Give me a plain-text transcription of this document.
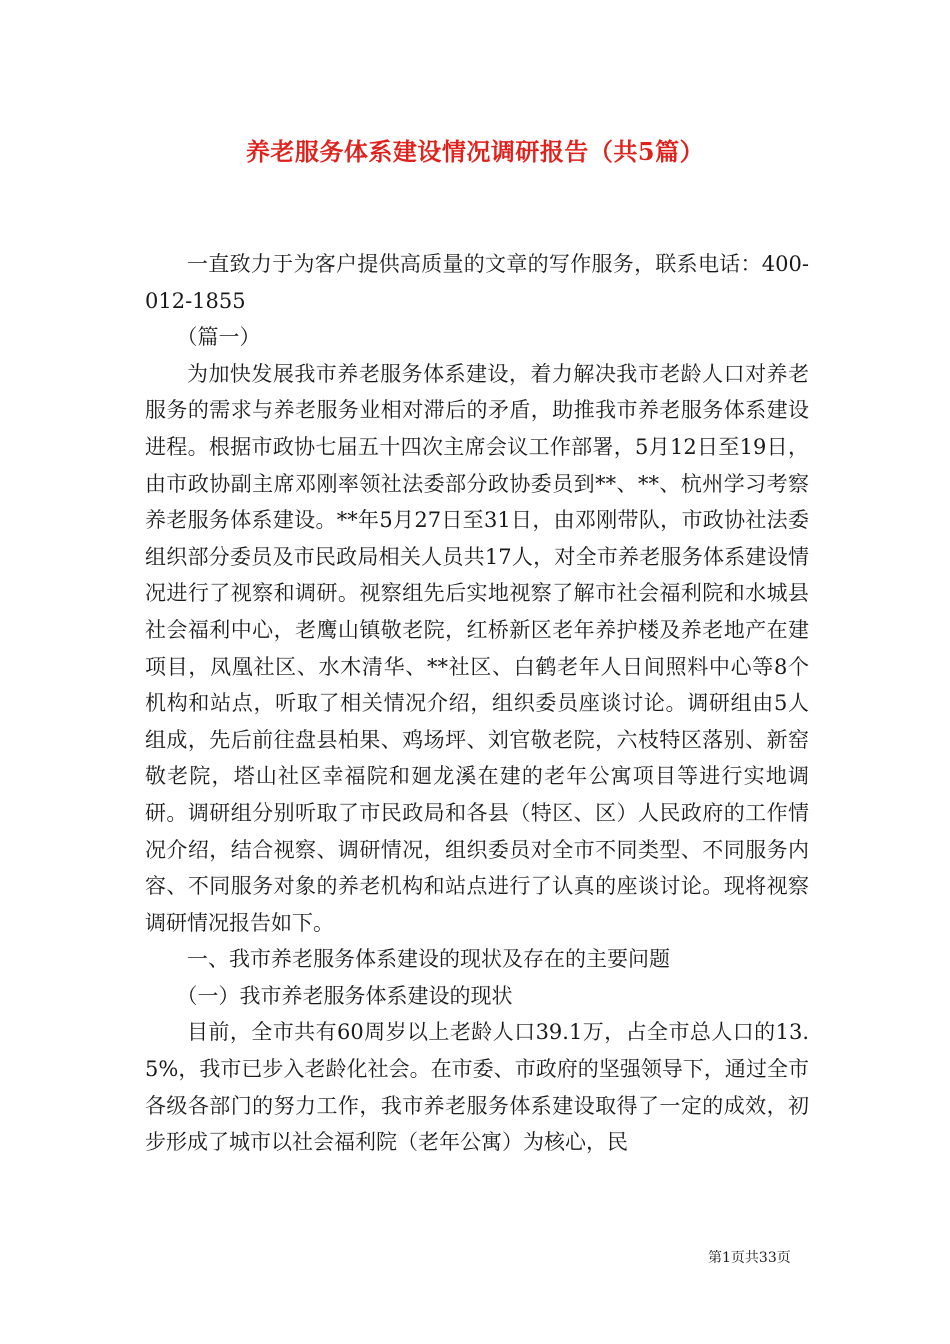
养老服务体系建设情况调研报告（共5篇）

一直致力于为客户提供高质量的文章的写作服务，联系电话：400-012-1855

（篇一）

为加快发展我市养老服务体系建设，着力解决我市老龄人口对养老服务的需求与养老服务业相对滞后的矛盾，助推我市养老服务体系建设进程。根据市政协七届五十四次主席会议工作部署，5月12日至19日，由市政协副主席邓刚率领社法委部分政协委员到**、**、杭州学习考察养老服务体系建设。**年5月27日至31日，由邓刚带队，市政协社法委组织部分委员及市民政局相关人员共17人，对全市养老服务体系建设情况进行了视察和调研。视察组先后实地视察了解市社会福利院和水城县社会福利中心，老鹰山镇敬老院，红桥新区老年养护楼及养老地产在建项目，凤凰社区、水木清华、**社区、白鹤老年人日间照料中心等8个机构和站点，听取了相关情况介绍，组织委员座谈讨论。调研组由5人组成，先后前往盘县柏果、鸡场坪、刘官敬老院，六枝特区落别、新窑敬老院，塔山社区幸福院和廻龙溪在建的老年公寓项目等进行实地调研。调研组分别听取了市民政局和各县（特区、区）人民政府的工作情况介绍，结合视察、调研情况，组织委员对全市不同类型、不同服务内容、不同服务对象的养老机构和站点进行了认真的座谈讨论。现将视察调研情况报告如下。

一、我市养老服务体系建设的现状及存在的主要问题

（一）我市养老服务体系建设的现状

目前，全市共有60周岁以上老龄人口39.1万，占全市总人口的13.5%，我市已步入老龄化社会。在市委、市政府的坚强领导下，通过全市各级各部门的努力工作，我市养老服务体系建设取得了一定的成效，初步形成了城市以社会福利院（老年公寓）为核心，民

第1页共33页
